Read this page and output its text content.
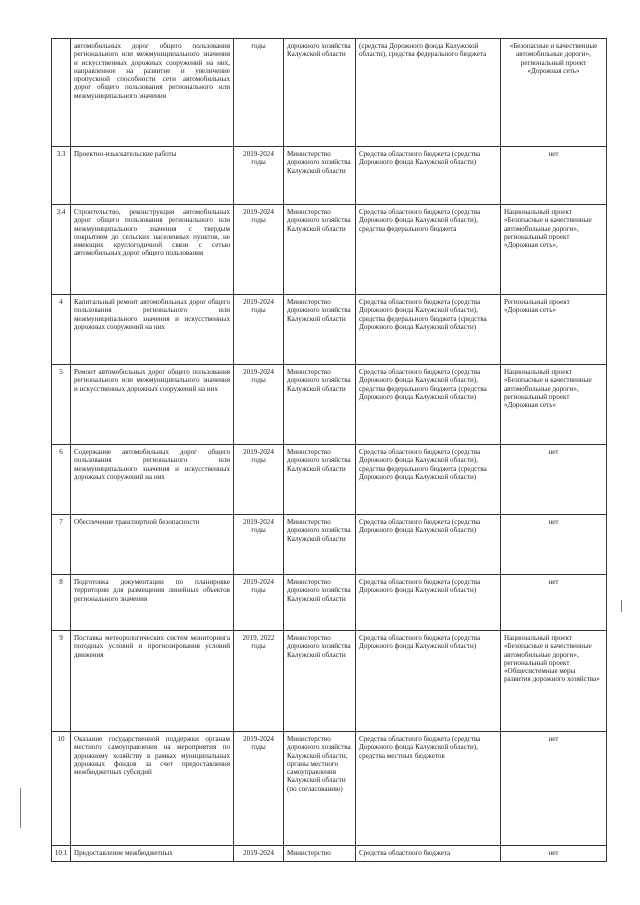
	автомобильных дорог общего пользования регионального или межмуниципального значения и искусственных дорожных сооружений на них, направленное на развитие и увеличение пропускной способности сети автомобильных дорог общего пользования регионального или межмуниципального значения	годы	дорожного хозяйства Калужской области	(средства Дорожного фонда Калужской области), средства федерального бюджета	«Безопасные и качественные автомобильные дороги», региональный проект «Дорожная сеть»
3.3	Проектно-изыскательские работы	2019-2024 годы	Министерство дорожного хозяйства Калужской области	Средства областного бюджета (средства Дорожного фонда Калужской области)	нет
3.4	Строительство, реконструкция автомобильных дорог общего пользования регионального или межмуниципального значения с твердым покрытием до сельских населенных пунктов, не имеющих круглогодичной связи с сетью автомобильных дорог общего пользования	2019-2024 годы	Министерство дорожного хозяйства Калужской области	Средства областного бюджета (средства Дорожного фонда Калужской области), средства федерального бюджета	Национальный проект «Безопасные и качественные автомобильные дороги», региональный проект «Дорожная сеть»,
4	Капитальный ремонт автомобильных дорог общего пользования регионального или межмуниципального значения и искусственных дорожных сооружений на них	2019-2024 годы	Министерство дорожного хозяйства Калужской области	Средства областного бюджета (средства Дорожного фонда Калужской области), средства федерального бюджета (средства Дорожного фонда Калужской области)	Региональный проект «Дорожная сеть»
5	Ремонт автомобильных дорог общего пользования регионального или межмуниципального значения и искусственных дорожных сооружений на них	2019-2024 годы	Министерство дорожного хозяйства Калужской области	Средства областного бюджета (средства Дорожного фонда Калужской области), средства федерального бюджета (средства Дорожного фонда Калужской области)	Национальный проект «Безопасные и качественные автомобильные дороги», региональный проект «Дорожная сеть»
6	Содержание автомобильных дорог общего пользования регионального или межмуниципального значения и искусственных дорожных сооружений на них	2019-2024 годы	Министерство дорожного хозяйства Калужской области	Средства областного бюджета (средства Дорожного фонда Калужской области), средства федерального бюджета (средства Дорожного фонда Калужской области)	нет
7	Обеспечение транспортной безопасности	2019-2024 годы	Министерство дорожного хозяйства Калужской области	Средства областного бюджета (средства Дорожного фонда Калужской области)	нет
8	Подготовка документации по планировке территории для размещения линейных объектов регионального значения	2019-2024 годы	Министерство дорожного хозяйства Калужской области	Средства областного бюджета (средства Дорожного фонда Калужской области)	нет
9	Поставка метеорологических систем мониторинга погодных условий и прогнозирования условий движения	2019, 2022 годы	Министерство дорожного хозяйства Калужской области	Средства областного бюджета (средства Дорожного фонда Калужской области)	Национальный проект «Безопасные и качественные автомобильные дороги», региональный проект «Общесистемные меры развития дорожного хозяйства»
10	Оказание государственной поддержки органам местного самоуправления на мероприятия по дорожному хозяйству в рамках муниципальных дорожных фондов за счет предоставления межбюджетных субсидий	2019-2024 годы	Министерство дорожного хозяйства Калужской области, органы местного самоуправления Калужской области (по согласованию)	Средства областного бюджета (средства Дорожного фонда Калужской области), средства местных бюджетов	нет
10.1	Предоставление межбюджетных	2019-2024	Министерство	Средства областного бюджета	нет
